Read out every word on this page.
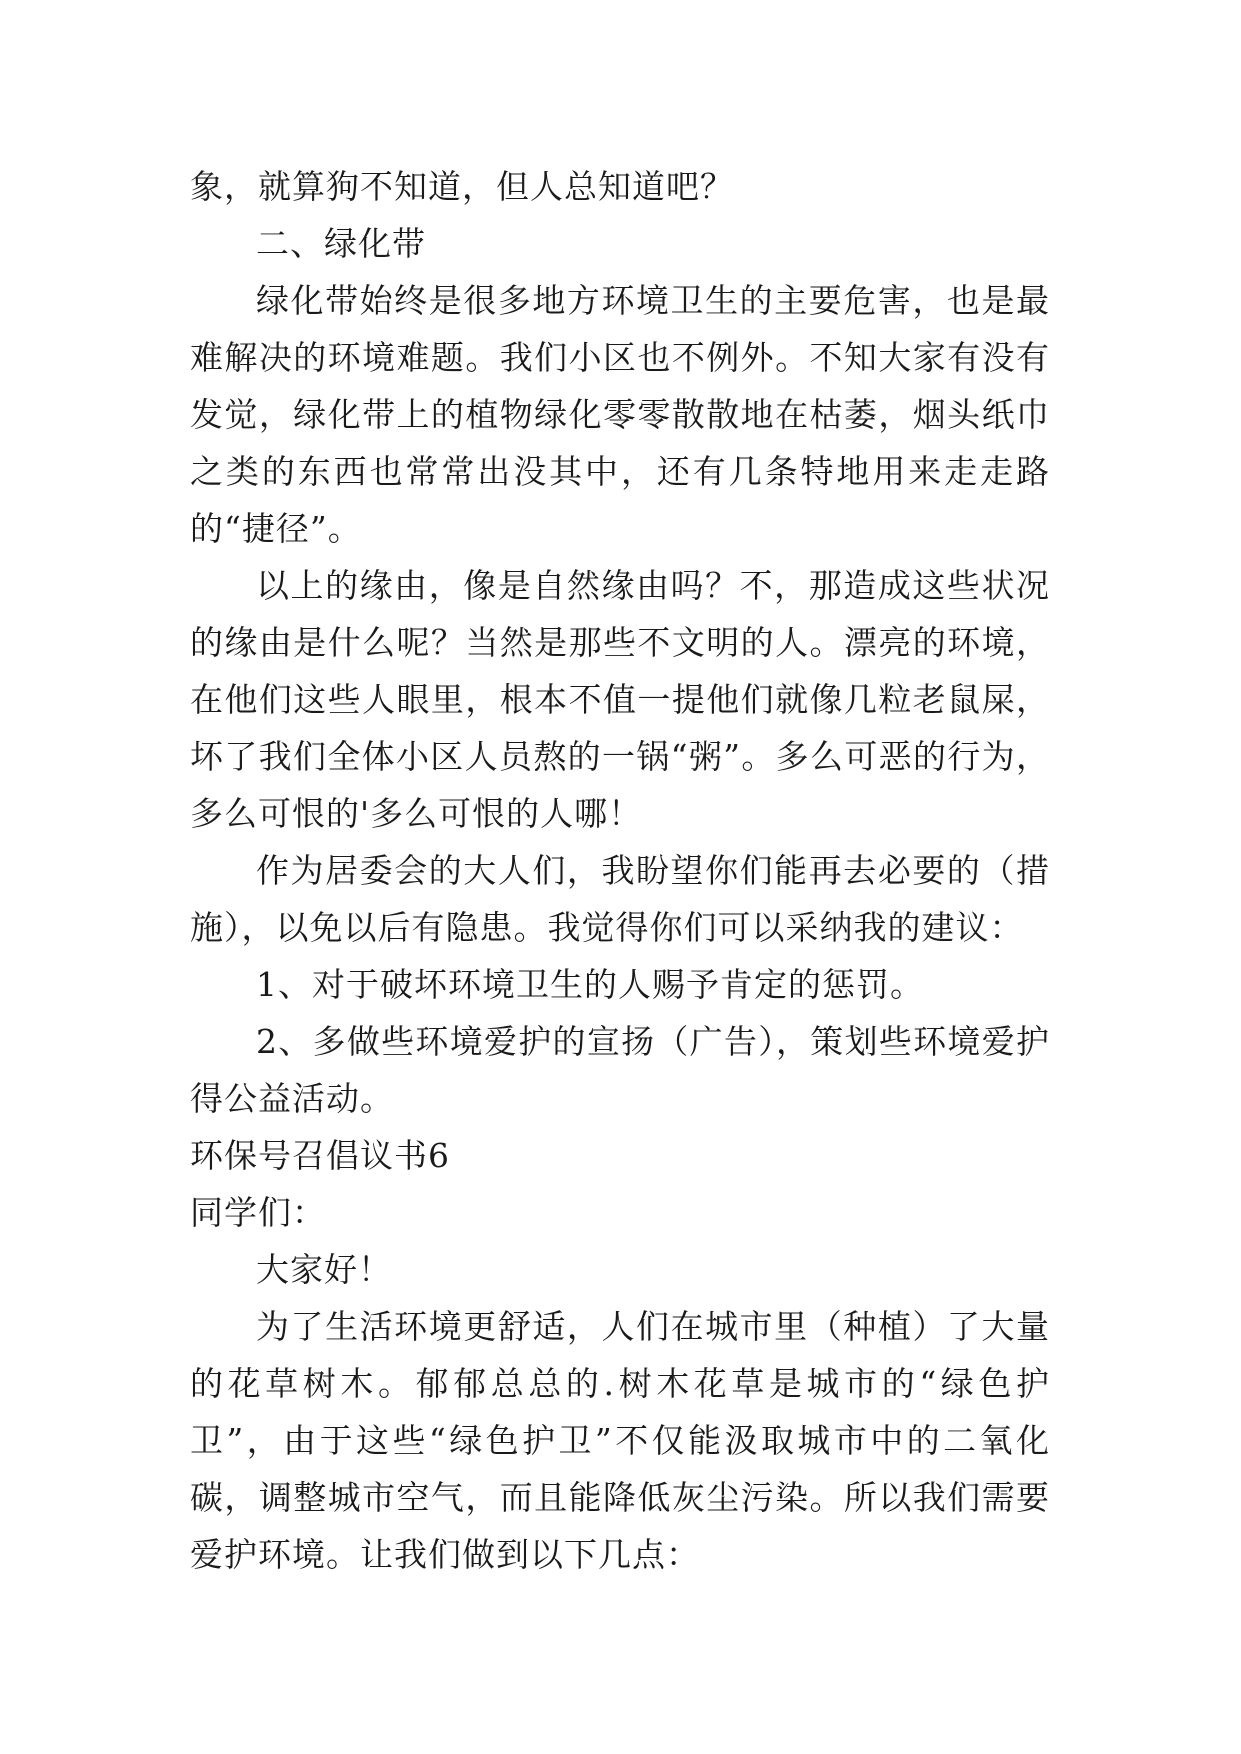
象，就算狗不知道，但人总知道吧？

二、绿化带

绿化带始终是很多地方环境卫生的主要危害，也是最难解决的环境难题。我们小区也不例外。不知大家有没有发觉，绿化带上的植物绿化零零散散地在枯萎，烟头纸巾之类的东西也常常出没其中，还有几条特地用来走走路的“捷径”。

以上的缘由，像是自然缘由吗？不，那造成这些状况的缘由是什么呢？当然是那些不文明的人。漂亮的环境，在他们这些人眼里，根本不值一提他们就像几粒老鼠屎，坏了我们全体小区人员熬的一锅“粥”。多么可恶的行为，多么可恨的'多么可恨的人哪！

作为居委会的大人们，我盼望你们能再去必要的（措施），以免以后有隐患。我觉得你们可以采纳我的建议：

1、对于破坏环境卫生的人赐予肯定的惩罚。

2、多做些环境爱护的宣扬（广告），策划些环境爱护得公益活动。

环保号召倡议书6

同学们：

大家好！

为了生活环境更舒适，人们在城市里（种植）了大量的花草树木。郁郁总总的.树木花草是城市的“绿色护卫”，由于这些“绿色护卫”不仅能汲取城市中的二氧化碳，调整城市空气，而且能降低灰尘污染。所以我们需要爱护环境。让我们做到以下几点：
